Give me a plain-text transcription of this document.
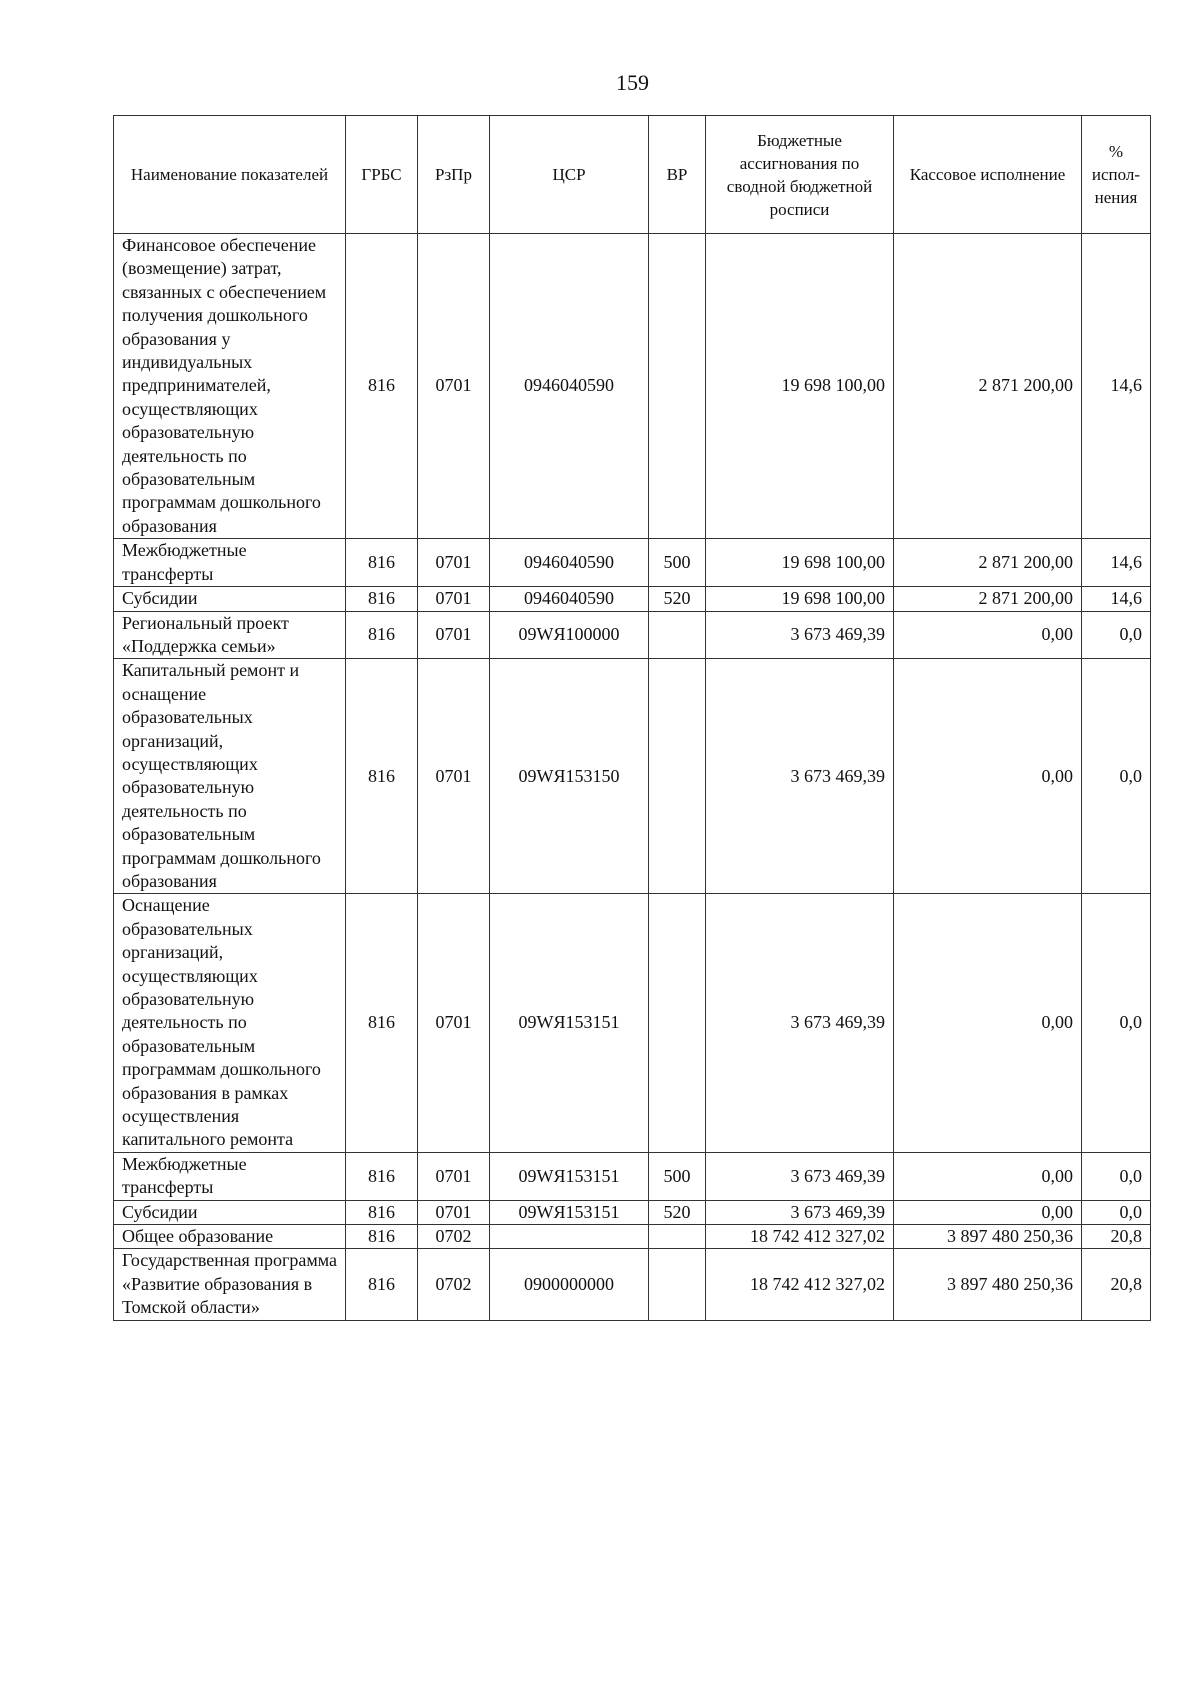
159
Наименование показателей	ГРБС	РзПр	ЦСР	ВР	Бюджетные ассигнования по сводной бюджетной росписи	Кассовое исполнение	% испол-нения
Финансовое обеспечение (возмещение) затрат, связанных с обеспечением получения дошкольного образования у индивидуальных предпринимателей, осуществляющих образовательную деятельность по образовательным программам дошкольного образования	816	0701	0946040590		19 698 100,00	2 871 200,00	14,6
Межбюджетные трансферты	816	0701	0946040590	500	19 698 100,00	2 871 200,00	14,6
Субсидии	816	0701	0946040590	520	19 698 100,00	2 871 200,00	14,6
Региональный проект «Поддержка семьи»	816	0701	09WЯ100000		3 673 469,39	0,00	0,0
Капитальный ремонт и оснащение образовательных организаций, осуществляющих образовательную деятельность по образовательным программам дошкольного образования	816	0701	09WЯ153150		3 673 469,39	0,00	0,0
Оснащение образовательных организаций, осуществляющих образовательную деятельность по образовательным программам дошкольного образования в рамках осуществления капитального ремонта	816	0701	09WЯ153151		3 673 469,39	0,00	0,0
Межбюджетные трансферты	816	0701	09WЯ153151	500	3 673 469,39	0,00	0,0
Субсидии	816	0701	09WЯ153151	520	3 673 469,39	0,00	0,0
Общее образование	816	0702			18 742 412 327,02	3 897 480 250,36	20,8
Государственная программа «Развитие образования в Томской области»	816	0702	0900000000		18 742 412 327,02	3 897 480 250,36	20,8
